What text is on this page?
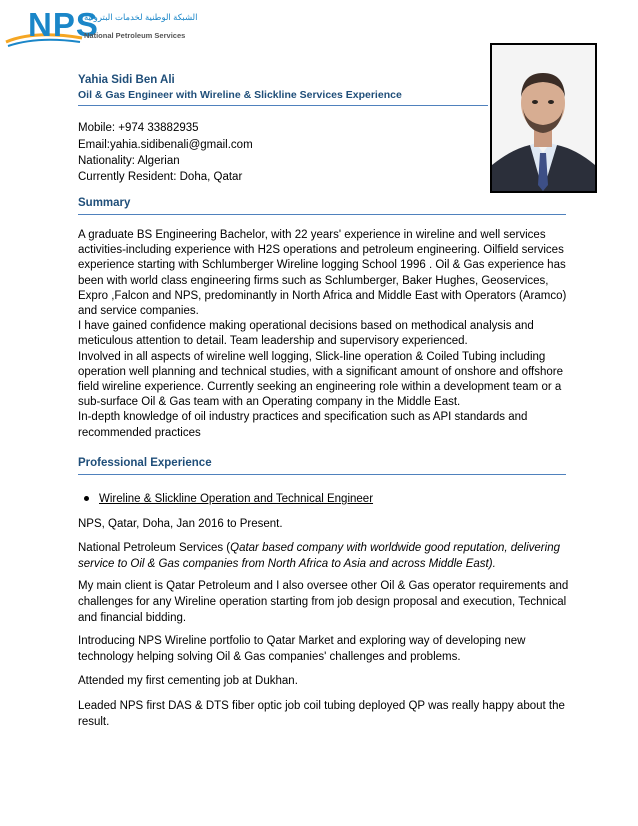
NPS
الشبكة الوطنية لخدمات البترولية
National Petroleum Services
Yahia Sidi Ben Ali
Oil & Gas Engineer with Wireline & Slickline Services Experience
Mobile: +974 33882935
Email:yahia.sidibenali@gmail.com
Nationality: Algerian
Currently Resident: Doha, Qatar
Summary

A graduate BS Engineering Bachelor, with 22 years' experience in wireline and well services activities-including experience with H2S operations and petroleum engineering. Oilfield services experience starting with Schlumberger Wireline logging School 1996 . Oil & Gas experience has been with world class engineering firms such as Schlumberger, Baker Hughes, Geoservices, Expro ,Falcon and NPS, predominantly in North Africa and Middle East with Operators (Aramco) and service companies.

I have gained confidence making operational decisions based on methodical analysis and meticulous attention to detail. Team leadership and supervisory experienced.

Involved in all aspects of wireline well logging, Slick-line operation & Coiled Tubing including operation well planning and technical studies, with a significant amount of onshore and offshore field wireline experience. Currently seeking an engineering role within a development team or a sub-surface Oil & Gas team with an Operating company in the Middle East.

In-depth knowledge of oil industry practices and specification such as API standards and recommended practices

Professional Experience
Wireline & Slickline Operation and Technical Engineer
NPS, Qatar, Doha, Jan 2016 to Present.
National Petroleum Services (Qatar based company with worldwide good reputation, delivering service to Oil & Gas companies from North Africa to Asia and across Middle East).
My main client is Qatar Petroleum and I also oversee other Oil & Gas operator requirements and challenges for any Wireline operation starting from job design proposal and execution, Technical and financial bidding.
Introducing NPS Wireline portfolio to Qatar Market and exploring way of developing new technology helping solving Oil & Gas companies' challenges and problems.
Attended my first cementing job at Dukhan.
Leaded NPS first DAS & DTS fiber optic job coil tubing deployed QP was really happy about the result.
